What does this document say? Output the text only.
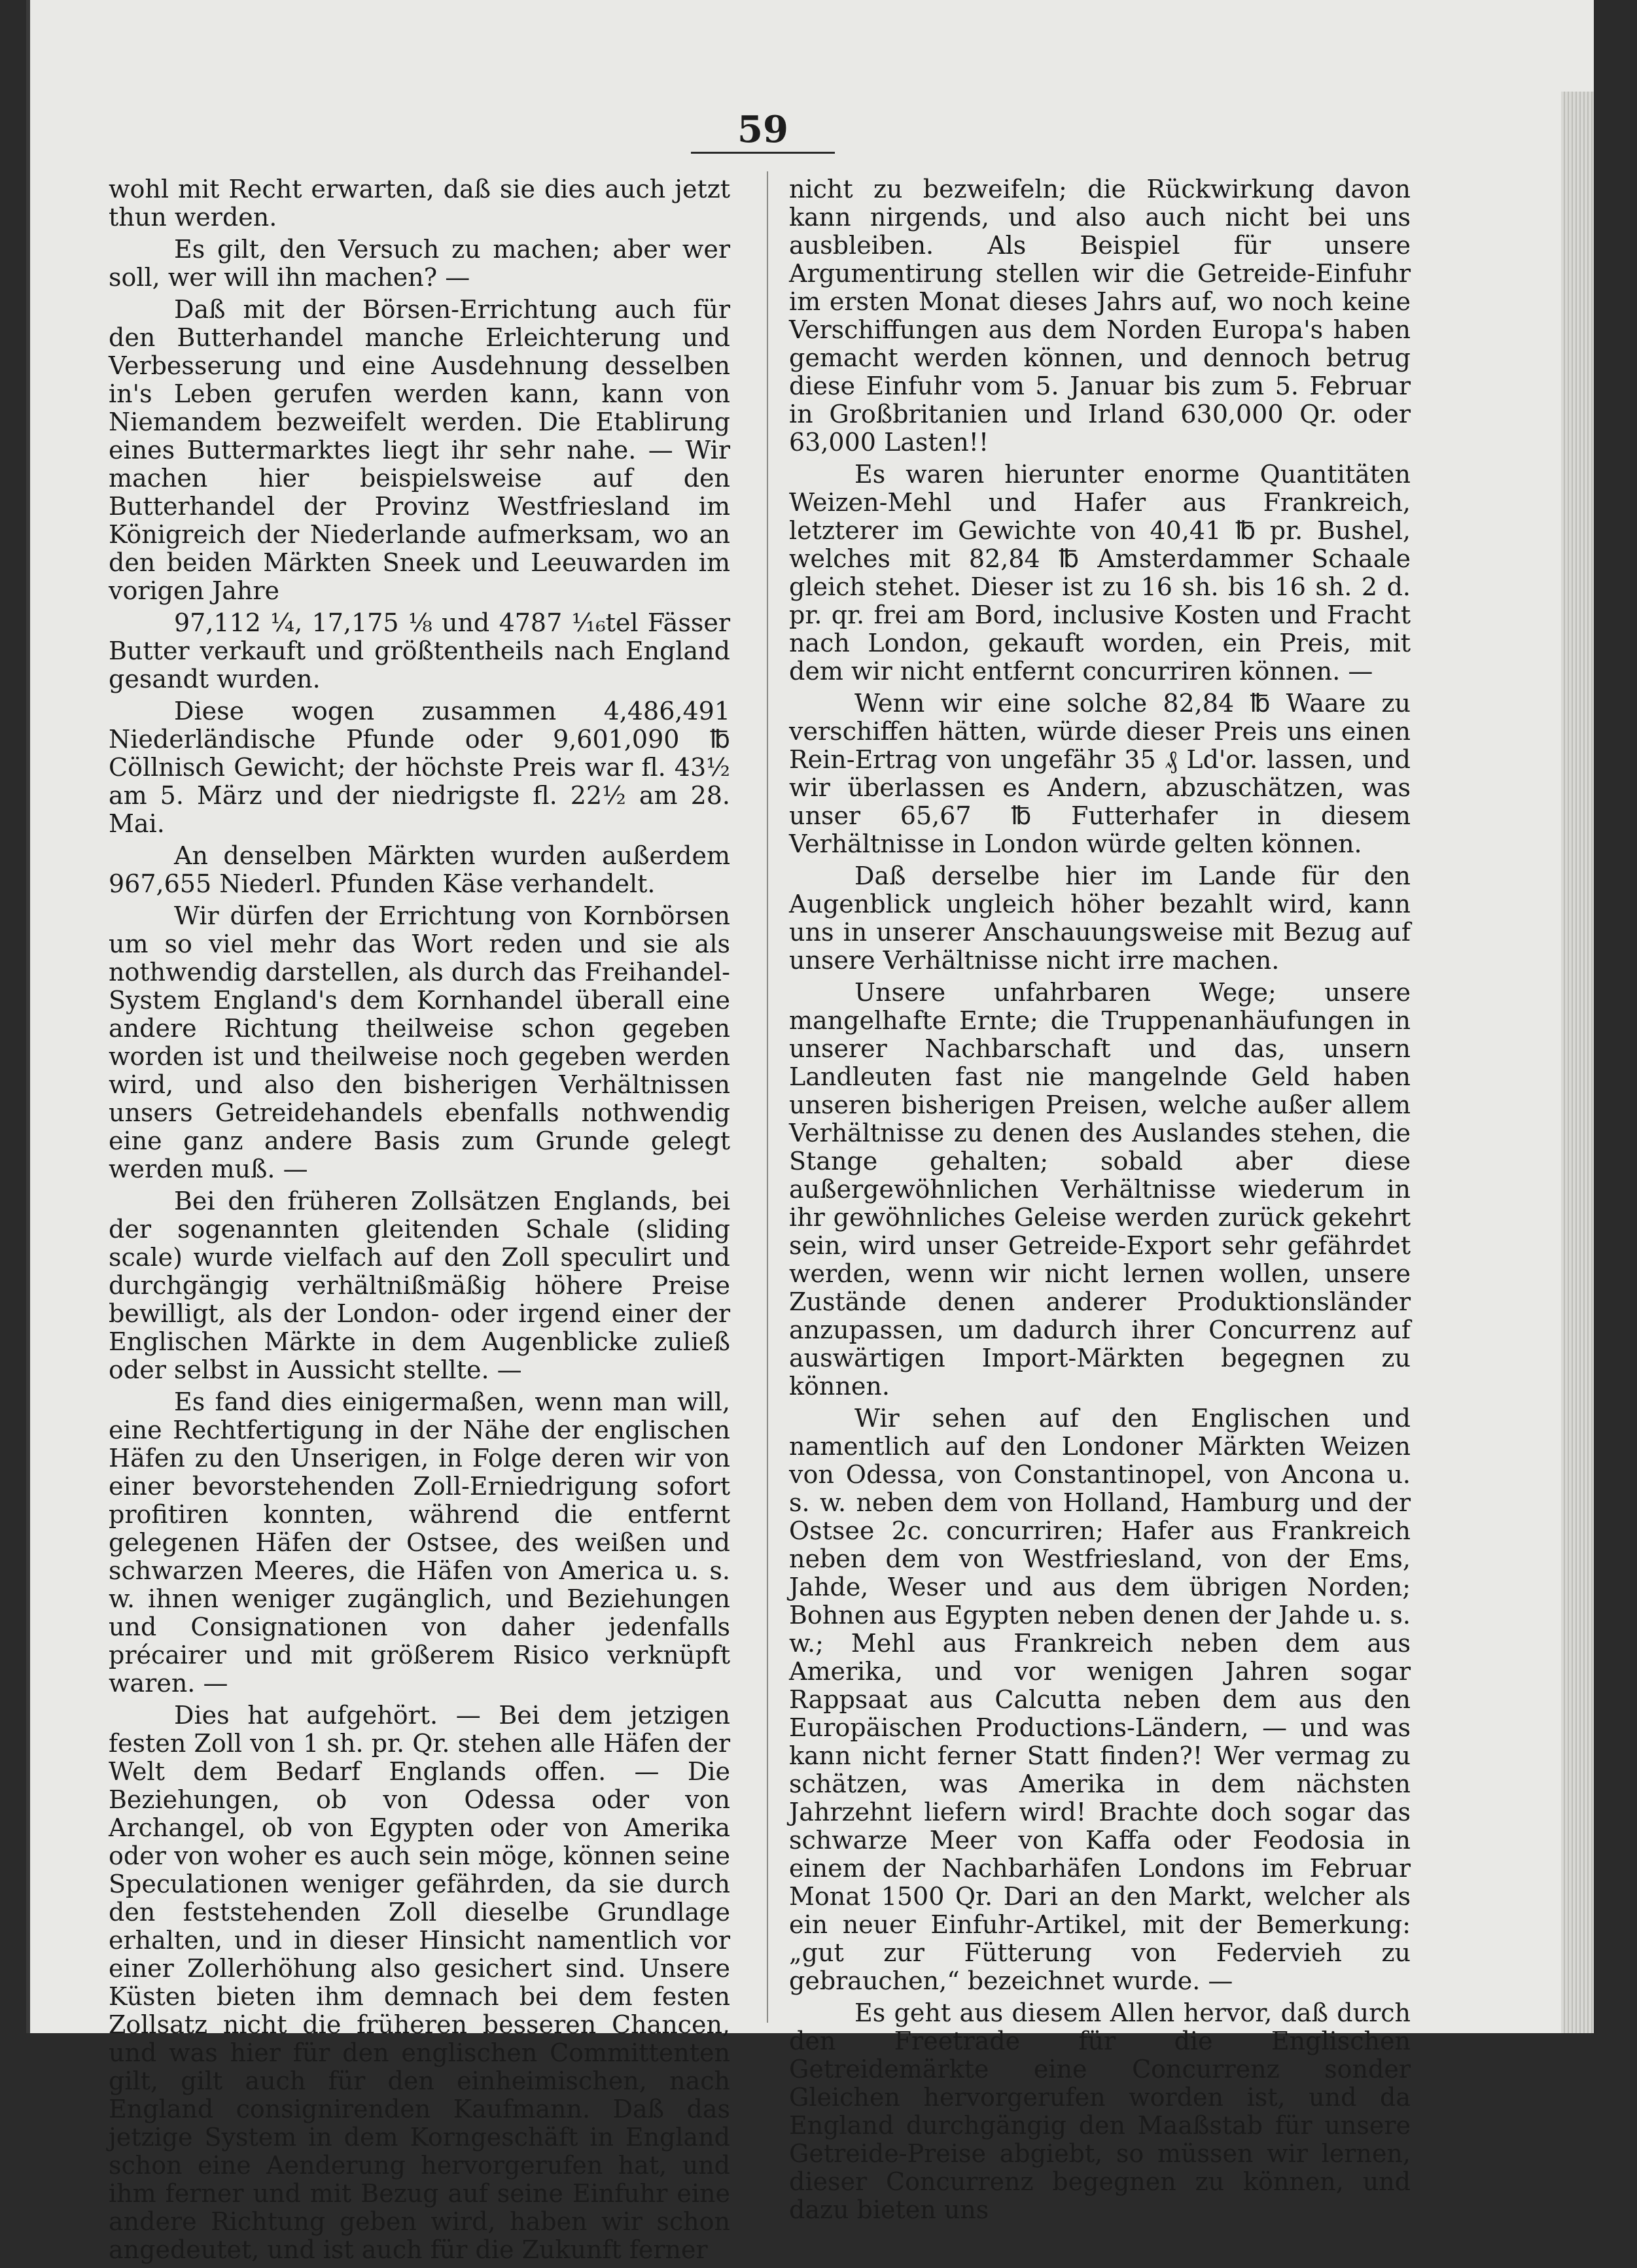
59

wohl mit Recht erwarten, daß sie dies auch jetzt thun werden.

Es gilt, den Versuch zu machen; aber wer soll, wer will ihn machen? —

Daß mit der Börsen-Errichtung auch für den Butterhandel manche Erleichterung und Verbesserung und eine Ausdehnung desselben in's Leben gerufen werden kann, kann von Niemandem bezweifelt werden. Die Etablirung eines Buttermarktes liegt ihr sehr nahe. — Wir machen hier beispielsweise auf den Butterhandel der Provinz Westfriesland im Königreich der Niederlande aufmerksam, wo an den beiden Märkten Sneek und Leeuwarden im vorigen Jahre

97,112 ¼, 17,175 ⅛ und 4787 ¹⁄₁₆tel Fässer Butter verkauft und größtentheils nach England gesandt wurden.

Diese wogen zusammen 4,486,491 Niederländische Pfunde oder 9,601,090 ℔ Cöllnisch Gewicht; der höchste Preis war fl. 43½ am 5. März und der niedrigste fl. 22½ am 28. Mai.

An denselben Märkten wurden außerdem 967,655 Niederl. Pfunden Käse verhandelt.

Wir dürfen der Errichtung von Kornbörsen um so viel mehr das Wort reden und sie als nothwendig darstellen, als durch das Freihandel-System England's dem Kornhandel überall eine andere Richtung theilweise schon gegeben worden ist und theilweise noch gegeben werden wird, und also den bisherigen Verhältnissen unsers Getreidehandels ebenfalls nothwendig eine ganz andere Basis zum Grunde gelegt werden muß. —

Bei den früheren Zollsätzen Englands, bei der sogenannten gleitenden Schale (sliding scale) wurde vielfach auf den Zoll speculirt und durchgängig verhältnißmäßig höhere Preise bewilligt, als der London- oder irgend einer der Englischen Märkte in dem Augenblicke zuließ oder selbst in Aussicht stellte. —

Es fand dies einigermaßen, wenn man will, eine Rechtfertigung in der Nähe der englischen Häfen zu den Unserigen, in Folge deren wir von einer bevorstehenden Zoll-Erniedrigung sofort profitiren konnten, während die entfernt gelegenen Häfen der Ostsee, des weißen und schwarzen Meeres, die Häfen von America u. s. w. ihnen weniger zugänglich, und Beziehungen und Consignationen von daher jedenfalls précairer und mit größerem Risico verknüpft waren. —

Dies hat aufgehört. — Bei dem jetzigen festen Zoll von 1 sh. pr. Qr. stehen alle Häfen der Welt dem Bedarf Englands offen. — Die Beziehungen, ob von Odessa oder von Archangel, ob von Egypten oder von Amerika oder von woher es auch sein möge, können seine Speculationen weniger gefährden, da sie durch den feststehenden Zoll dieselbe Grundlage erhalten, und in dieser Hinsicht namentlich vor einer Zollerhöhung also gesichert sind. Unsere Küsten bieten ihm demnach bei dem festen Zollsatz nicht die früheren besseren Chancen, und was hier für den englischen Committenten gilt, gilt auch für den einheimischen, nach England consignirenden Kaufmann. Daß das jetzige System in dem Korngeschäft in England schon eine Aenderung hervorgerufen hat, und ihm ferner und mit Bezug auf seine Einfuhr eine andere Richtung geben wird, haben wir schon angedeutet, und ist auch für die Zukunft ferner

nicht zu bezweifeln; die Rückwirkung davon kann nirgends, und also auch nicht bei uns ausbleiben. Als Beispiel für unsere Argumentirung stellen wir die Getreide-Einfuhr im ersten Monat dieses Jahrs auf, wo noch keine Verschiffungen aus dem Norden Europa's haben gemacht werden können, und dennoch betrug diese Einfuhr vom 5. Januar bis zum 5. Februar in Großbritanien und Irland 630,000 Qr. oder 63,000 Lasten!!

Es waren hierunter enorme Quantitäten Weizen-Mehl und Hafer aus Frankreich, letzterer im Gewichte von 40,41 ℔ pr. Bushel, welches mit 82,84 ℔ Amsterdammer Schaale gleich stehet. Dieser ist zu 16 sh. bis 16 sh. 2 d. pr. qr. frei am Bord, inclusive Kosten und Fracht nach London, gekauft worden, ein Preis, mit dem wir nicht entfernt concurriren können. —

Wenn wir eine solche 82,84 ℔ Waare zu verschiffen hätten, würde dieser Preis uns einen Rein-Ertrag von ungefähr 35 ₰ Ld'or. lassen, und wir überlassen es Andern, abzuschätzen, was unser 65,67 ℔ Futterhafer in diesem Verhältnisse in London würde gelten können.

Daß derselbe hier im Lande für den Augenblick ungleich höher bezahlt wird, kann uns in unserer Anschauungsweise mit Bezug auf unsere Verhältnisse nicht irre machen.

Unsere unfahrbaren Wege; unsere mangelhafte Ernte; die Truppenanhäufungen in unserer Nachbarschaft und das, unsern Landleuten fast nie mangelnde Geld haben unseren bisherigen Preisen, welche außer allem Verhältnisse zu denen des Auslandes stehen, die Stange gehalten; sobald aber diese außergewöhnlichen Verhältnisse wiederum in ihr gewöhnliches Geleise werden zurück gekehrt sein, wird unser Getreide-Export sehr gefährdet werden, wenn wir nicht lernen wollen, unsere Zustände denen anderer Produktionsländer anzupassen, um dadurch ihrer Concurrenz auf auswärtigen Import-Märkten begegnen zu können.

Wir sehen auf den Englischen und namentlich auf den Londoner Märkten Weizen von Odessa, von Constantinopel, von Ancona u. s. w. neben dem von Holland, Hamburg und der Ostsee 2c. concurriren; Hafer aus Frankreich neben dem von Westfriesland, von der Ems, Jahde, Weser und aus dem übrigen Norden; Bohnen aus Egypten neben denen der Jahde u. s. w.; Mehl aus Frankreich neben dem aus Amerika, und vor wenigen Jahren sogar Rappsaat aus Calcutta neben dem aus den Europäischen Productions-Ländern, — und was kann nicht ferner Statt finden?! Wer vermag zu schätzen, was Amerika in dem nächsten Jahrzehnt liefern wird! Brachte doch sogar das schwarze Meer von Kaffa oder Feodosia in einem der Nachbarhäfen Londons im Februar Monat 1500 Qr. Dari an den Markt, welcher als ein neuer Einfuhr-Artikel, mit der Bemerkung: „gut zur Fütterung von Federvieh zu gebrauchen,“ bezeichnet wurde. —

Es geht aus diesem Allen hervor, daß durch den Freetrade für die Englischen Getreidemärkte eine Concurrenz sonder Gleichen hervorgerufen worden ist, und da England durchgängig den Maaßstab für unsere Getreide-Preise abgiebt, so müssen wir lernen, dieser Concurrenz begegnen zu können, und dazu bieten uns
